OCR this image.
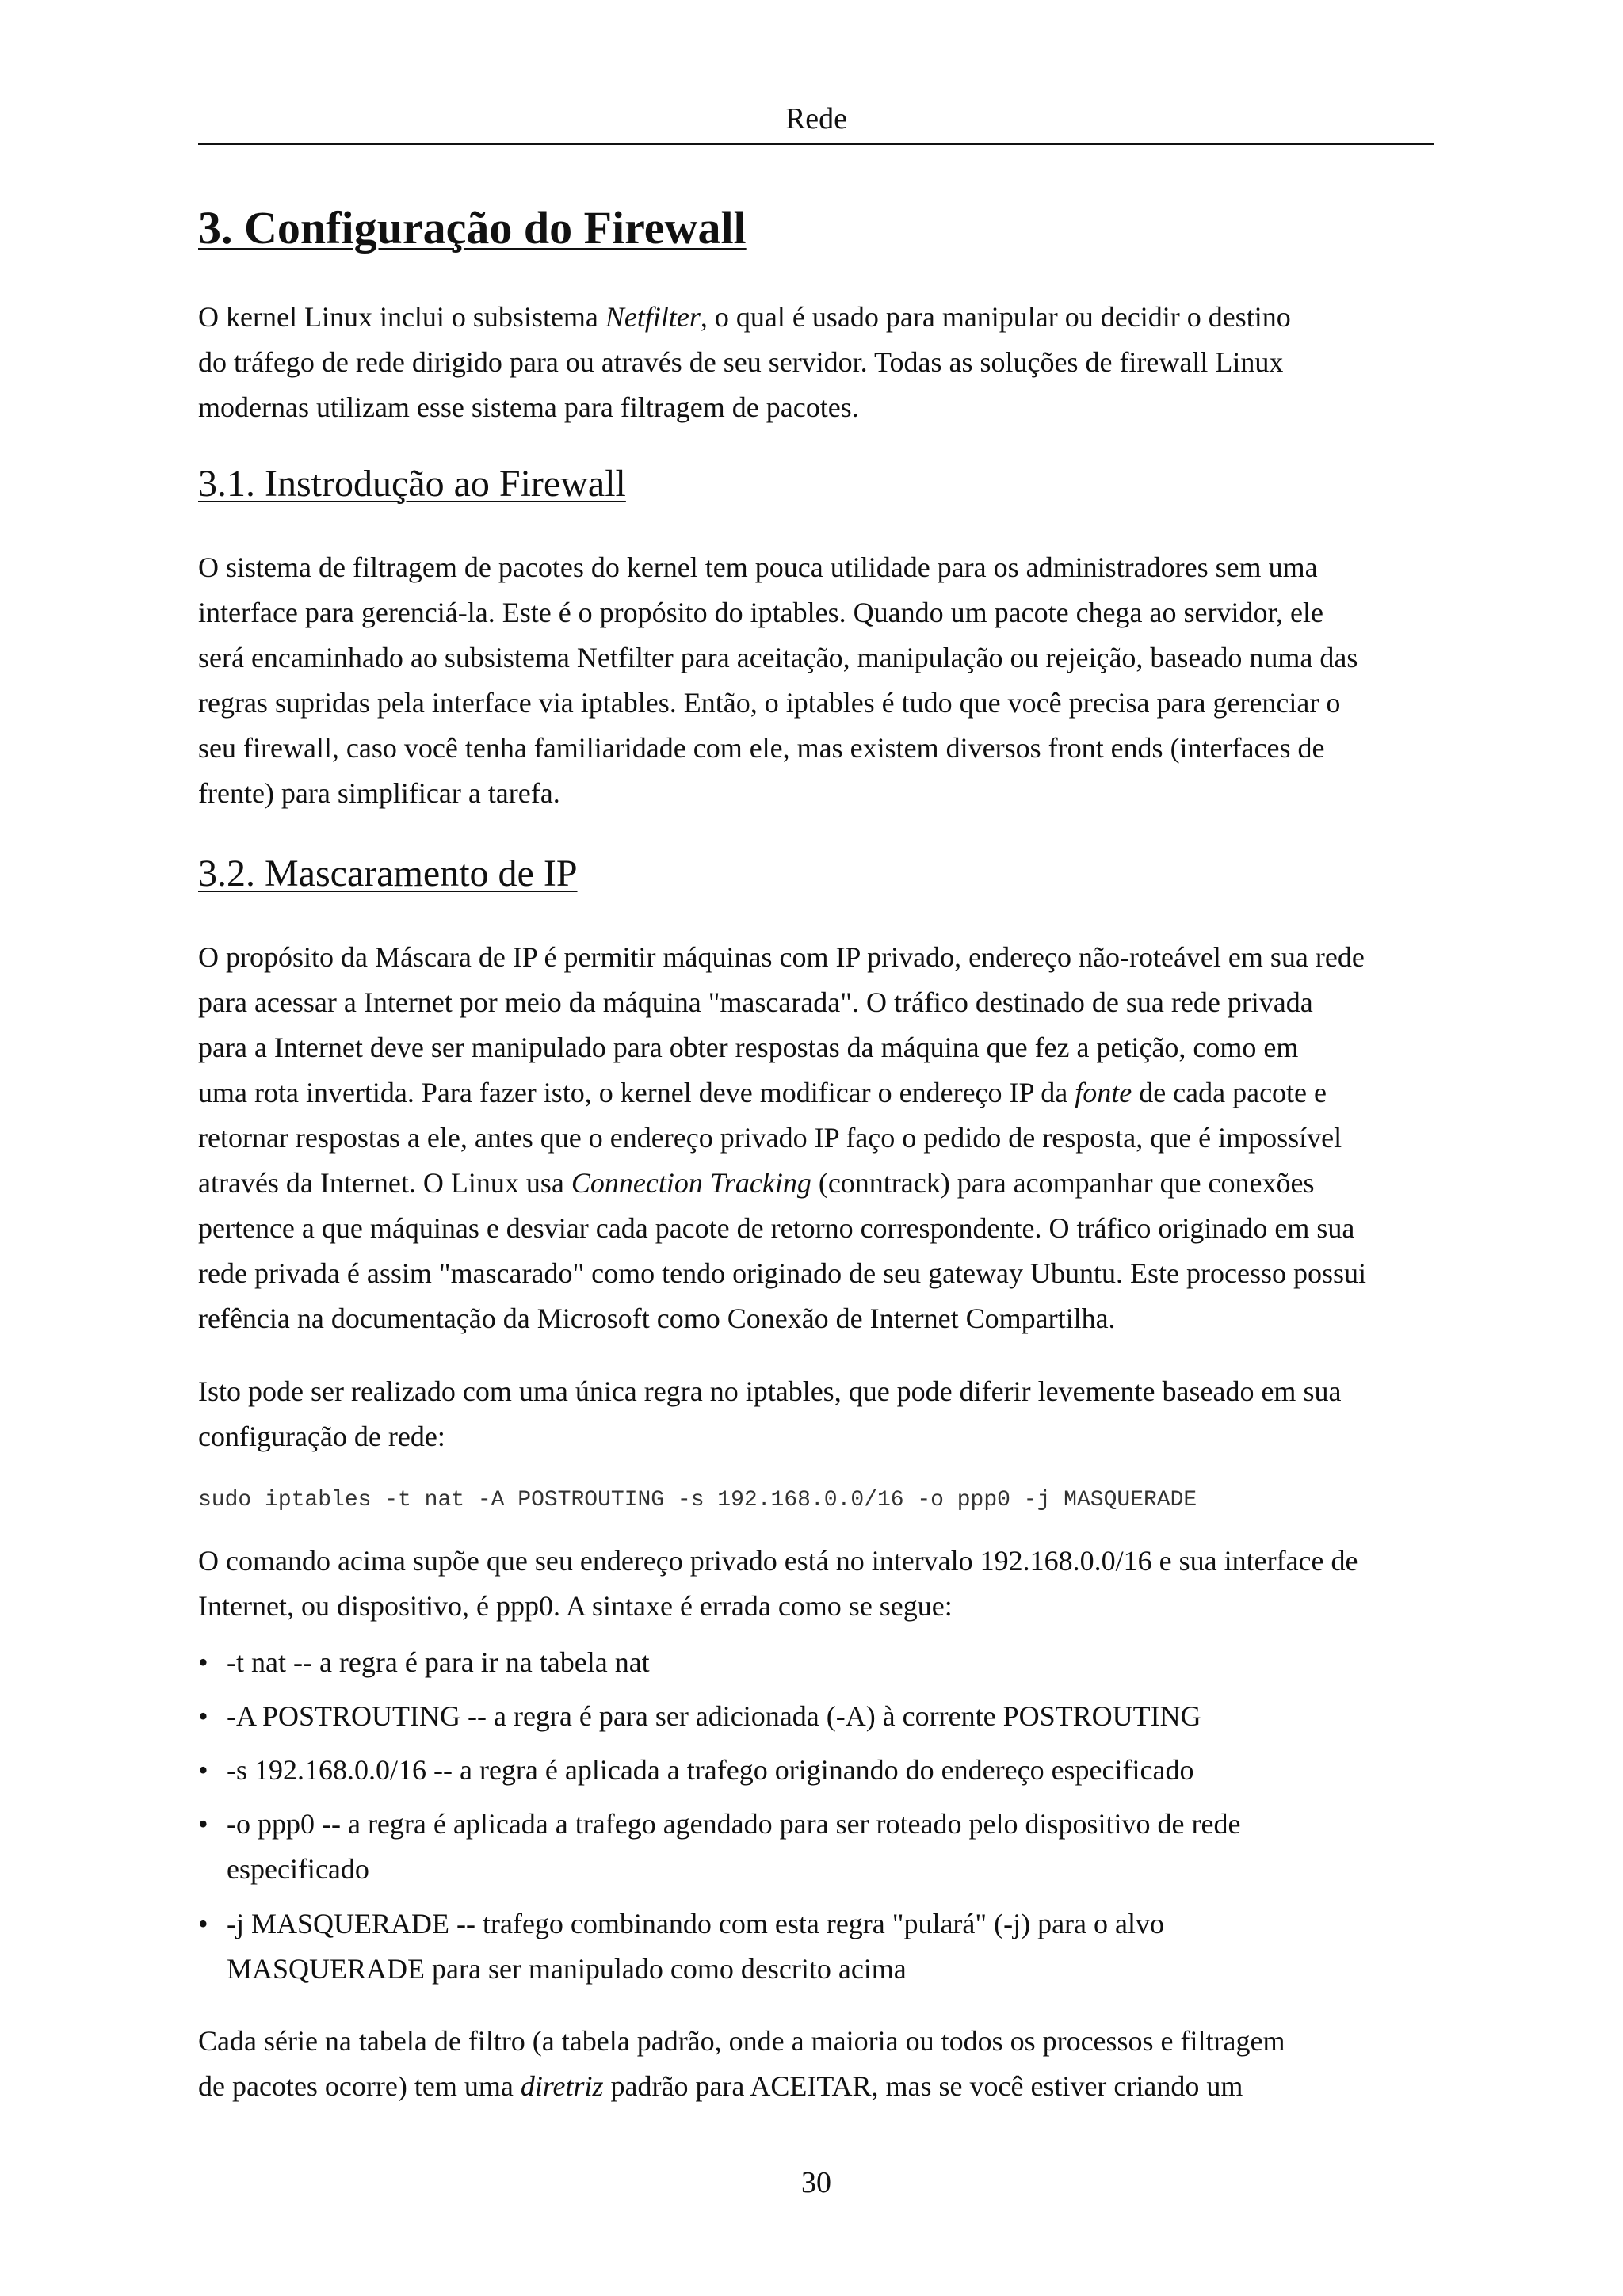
Rede
3. Configuração do Firewall

O kernel Linux inclui o subsistema Netfilter, o qual é usado para manipular ou decidir o destino
do tráfego de rede dirigido para ou através de seu servidor. Todas as soluções de firewall Linux
modernas utilizam esse sistema para filtragem de pacotes.

3.1. Instrodução ao Firewall

O sistema de filtragem de pacotes do kernel tem pouca utilidade para os administradores sem uma
interface para gerenciá-la. Este é o propósito do iptables. Quando um pacote chega ao servidor, ele
será encaminhado ao subsistema Netfilter para aceitação, manipulação ou rejeição, baseado numa das
regras supridas pela interface via iptables. Então, o iptables é tudo que você precisa para gerenciar o
seu firewall, caso você tenha familiaridade com ele, mas existem diversos front ends (interfaces de
frente) para simplificar a tarefa.

3.2. Mascaramento de IP

O propósito da Máscara de IP é permitir máquinas com IP privado, endereço não-roteável em sua rede
para acessar a Internet por meio da máquina "mascarada". O tráfico destinado de sua rede privada
para a Internet deve ser manipulado para obter respostas da máquina que fez a petição, como em
uma rota invertida. Para fazer isto, o kernel deve modificar o endereço IP da fonte de cada pacote e
retornar respostas a ele, antes que o endereço privado IP faço o pedido de resposta, que é impossível
através da Internet. O Linux usa Connection Tracking (conntrack) para acompanhar que conexões
pertence a que máquinas e desviar cada pacote de retorno correspondente. O tráfico originado em sua
rede privada é assim "mascarado" como tendo originado de seu gateway Ubuntu. Este processo possui
refência na documentação da Microsoft como Conexão de Internet Compartilha.

Isto pode ser realizado com uma única regra no iptables, que pode diferir levemente baseado em sua
configuração de rede:

sudo iptables -t nat -A POSTROUTING -s 192.168.0.0/16 -o ppp0 -j MASQUERADE

O comando acima supõe que seu endereço privado está no intervalo 192.168.0.0/16 e sua interface de
Internet, ou dispositivo, é ppp0. A sintaxe é errada como se segue:

• -t nat -- a regra é para ir na tabela nat
• -A POSTROUTING -- a regra é para ser adicionada (-A) à corrente POSTROUTING
• -s 192.168.0.0/16 -- a regra é aplicada a trafego originando do endereço especificado
• -o ppp0 -- a regra é aplicada a trafego agendado para ser roteado pelo dispositivo de rede
especificado
• -j MASQUERADE -- trafego combinando com esta regra "pulará" (-j) para o alvo
MASQUERADE para ser manipulado como descrito acima

Cada série na tabela de filtro (a tabela padrão, onde a maioria ou todos os processos e filtragem
de pacotes ocorre) tem uma diretriz padrão para ACEITAR, mas se você estiver criando um

30
